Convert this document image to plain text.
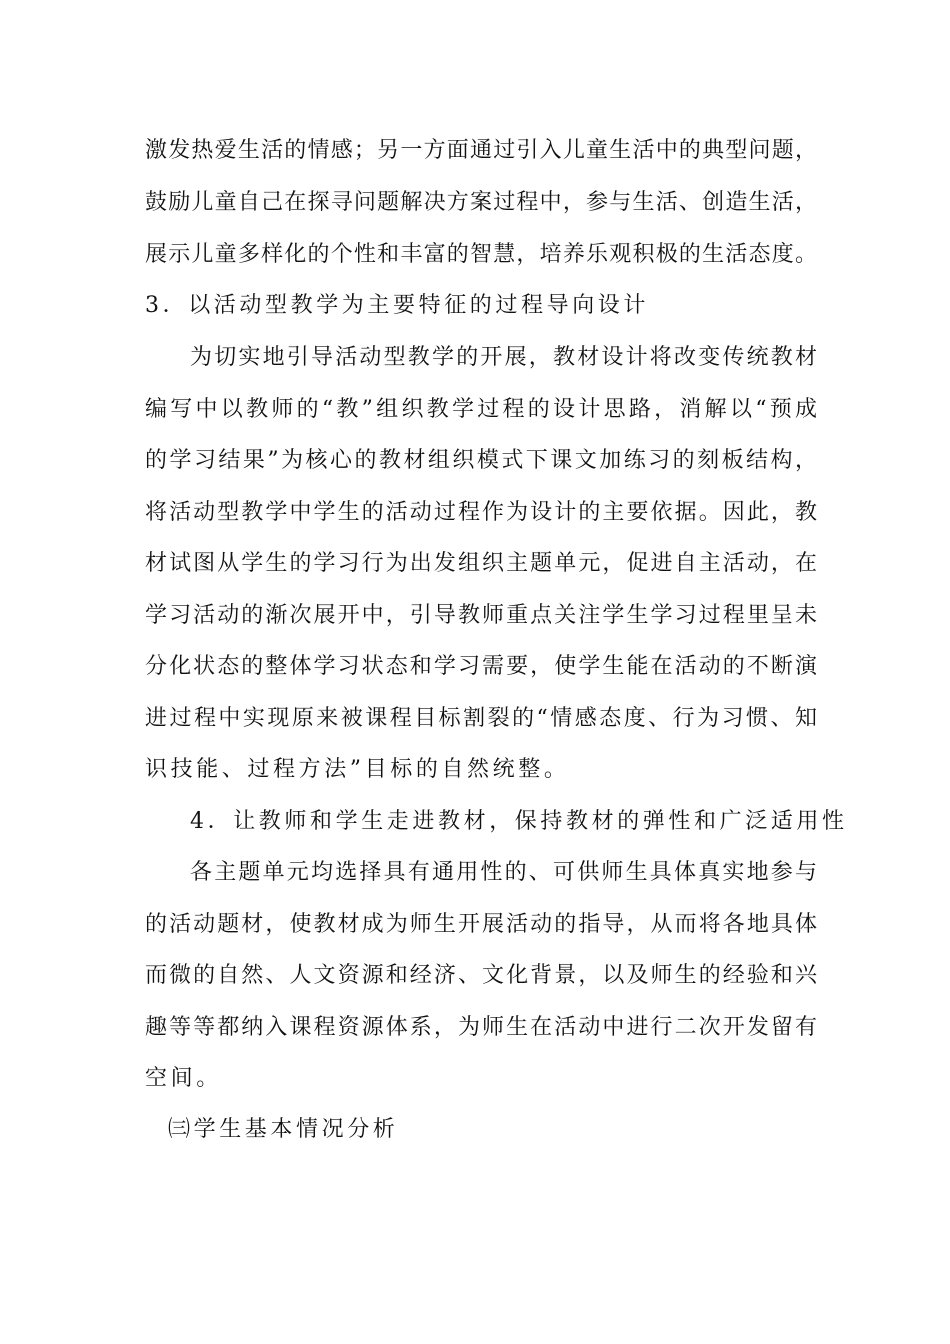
激发热爱生活的情感；另一方面通过引入儿童生活中的典型问题，
鼓励儿童自己在探寻问题解决方案过程中，参与生活、创造生活，
展示儿童多样化的个性和丰富的智慧，培养乐观积极的生活态度。
3．以活动型教学为主要特征的过程导向设计
为切实地引导活动型教学的开展，教材设计将改变传统教材
编写中以教师的“教”组织教学过程的设计思路，消解以“预成
的学习结果”为核心的教材组织模式下课文加练习的刻板结构，
将活动型教学中学生的活动过程作为设计的主要依据。因此，教
材试图从学生的学习行为出发组织主题单元，促进自主活动，在
学习活动的渐次展开中，引导教师重点关注学生学习过程里呈未
分化状态的整体学习状态和学习需要，使学生能在活动的不断演
进过程中实现原来被课程目标割裂的“情感态度、行为习惯、知
识技能、过程方法”目标的自然统整。
4．让教师和学生走进教材，保持教材的弹性和广泛适用性
各主题单元均选择具有通用性的、可供师生具体真实地参与
的活动题材，使教材成为师生开展活动的指导，从而将各地具体
而微的自然、人文资源和经济、文化背景，以及师生的经验和兴
趣等等都纳入课程资源体系，为师生在活动中进行二次开发留有
空间。
㈢学生基本情况分析
